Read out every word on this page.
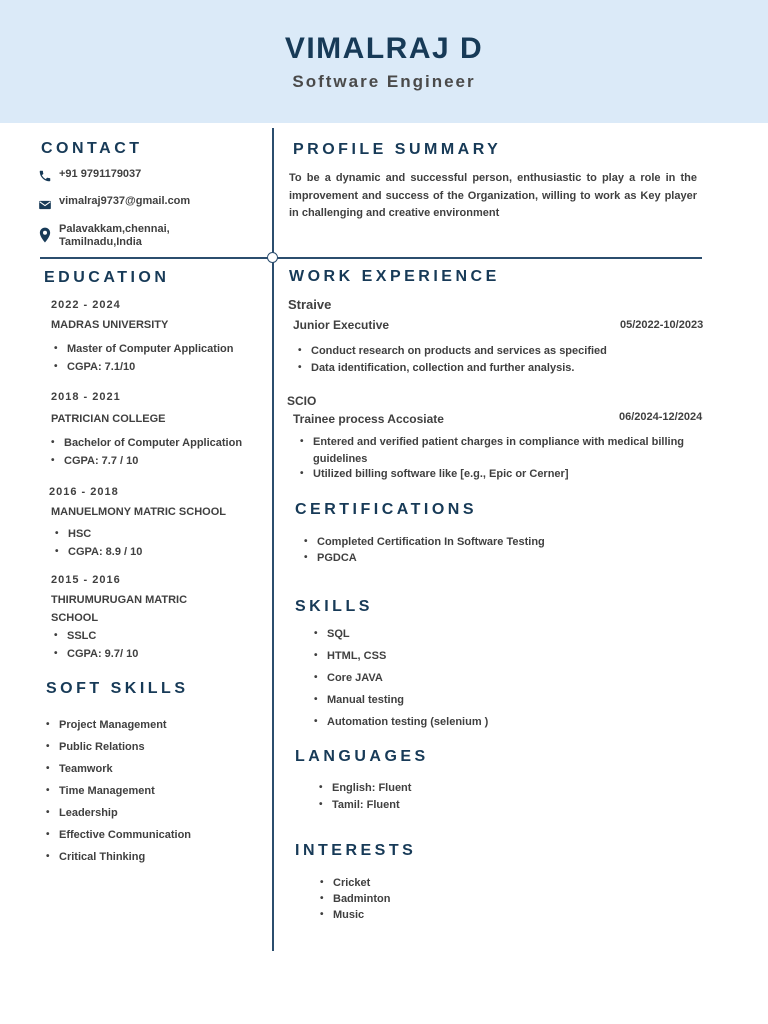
VIMALRAJ D
Software Engineer
CONTACT
+91 9791179037
vimalraj9737@gmail.com
Palavakkam,chennai, Tamilnadu,India
PROFILE SUMMARY
To be a dynamic and successful person, enthusiastic to play a role in the improvement and success of the Organization, willing to work as Key player in challenging and creative environment
EDUCATION
2022 - 2024
MADRAS UNIVERSITY
• Master of Computer Application
• CGPA: 7.1/10
2018 - 2021
PATRICIAN COLLEGE
• Bachelor of Computer Application
• CGPA: 7.7 / 10
2016 - 2018
MANUELMONY MATRIC SCHOOL
• HSC
• CGPA: 8.9 / 10
2015 - 2016
THIRUMURUGAN MATRIC SCHOOL
• SSLC
• CGPA: 9.7/ 10
SOFT SKILLS
• Project Management
• Public Relations
• Teamwork
• Time Management
• Leadership
• Effective Communication
• Critical Thinking
WORK EXPERIENCE
Straive
Junior Executive	05/2022-10/2023
• Conduct research on products and services as specified
• Data identification, collection and further analysis.
SCIO
Trainee process Accosiate	06/2024-12/2024
• Entered and verified patient charges in compliance with medical billing guidelines
• Utilized billing software like [e.g., Epic or Cerner]
CERTIFICATIONS
• Completed Certification In Software Testing
• PGDCA
SKILLS
• SQL
• HTML, CSS
• Core JAVA
• Manual testing
• Automation testing (selenium )
LANGUAGES
• English: Fluent
• Tamil: Fluent
INTERESTS
• Cricket
• Badminton
• Music
